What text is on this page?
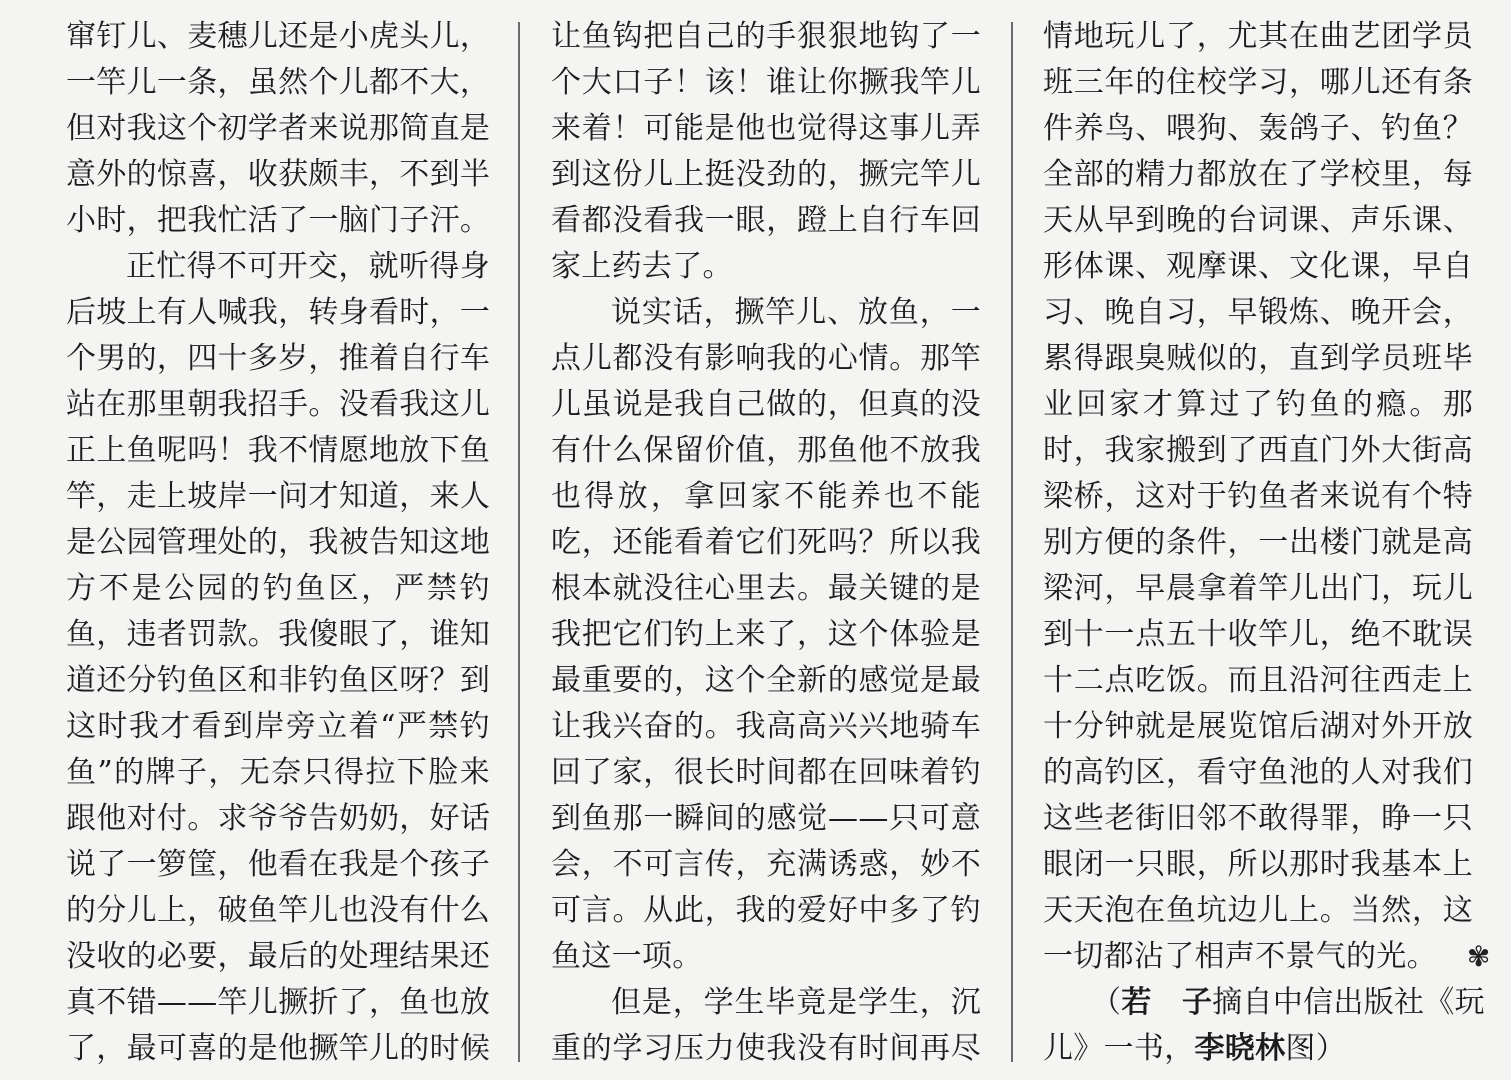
窜钉儿、麦穗儿还是小虎头儿，
一竿儿一条，虽然个儿都不大，
但对我这个初学者来说那简直是
意外的惊喜，收获颇丰，不到半
小时，把我忙活了一脑门子汗。
正忙得不可开交，就听得身
后坡上有人喊我，转身看时，一
个男的，四十多岁，推着自行车
站在那里朝我招手。没看我这儿
正上鱼呢吗！我不情愿地放下鱼
竿，走上坡岸一问才知道，来人
是公园管理处的，我被告知这地
方不是公园的钓鱼区，严禁钓
鱼，违者罚款。我傻眼了，谁知
道还分钓鱼区和非钓鱼区呀？到
这时我才看到岸旁立着“严禁钓
鱼”的牌子，无奈只得拉下脸来
跟他对付。求爷爷告奶奶，好话
说了一箩筐，他看在我是个孩子
的分儿上，破鱼竿儿也没有什么
没收的必要，最后的处理结果还
真不错——竿儿撅折了，鱼也放
了，最可喜的是他撅竿儿的时候
让鱼钩把自己的手狠狠地钩了一
个大口子！该！谁让你撅我竿儿
来着！可能是他也觉得这事儿弄
到这份儿上挺没劲的，撅完竿儿
看都没看我一眼，蹬上自行车回
家上药去了。
说实话，撅竿儿、放鱼，一
点儿都没有影响我的心情。那竿
儿虽说是我自己做的，但真的没
有什么保留价值，那鱼他不放我
也得放，拿回家不能养也不能
吃，还能看着它们死吗？所以我
根本就没往心里去。最关键的是
我把它们钓上来了，这个体验是
最重要的，这个全新的感觉是最
让我兴奋的。我高高兴兴地骑车
回了家，很长时间都在回味着钓
到鱼那一瞬间的感觉——只可意
会，不可言传，充满诱惑，妙不
可言。从此，我的爱好中多了钓
鱼这一项。
但是，学生毕竟是学生，沉
重的学习压力使我没有时间再尽
情地玩儿了，尤其在曲艺团学员
班三年的住校学习，哪儿还有条
件养鸟、喂狗、轰鸽子、钓鱼？
全部的精力都放在了学校里，每
天从早到晚的台词课、声乐课、
形体课、观摩课、文化课，早自
习、晚自习，早锻炼、晚开会，
累得跟臭贼似的，直到学员班毕
业回家才算过了钓鱼的瘾。那
时，我家搬到了西直门外大街高
梁桥，这对于钓鱼者来说有个特
别方便的条件，一出楼门就是高
梁河，早晨拿着竿儿出门，玩儿
到十一点五十收竿儿，绝不耽误
十二点吃饭。而且沿河往西走上
十分钟就是展览馆后湖对外开放
的高钓区，看守鱼池的人对我们
这些老街旧邻不敢得罪，睁一只
眼闭一只眼，所以那时我基本上
天天泡在鱼坑边儿上。当然，这
一切都沾了相声不景气的光。 ✾
（若　子摘自中信出版社《玩
儿》一书，李晓林图）
